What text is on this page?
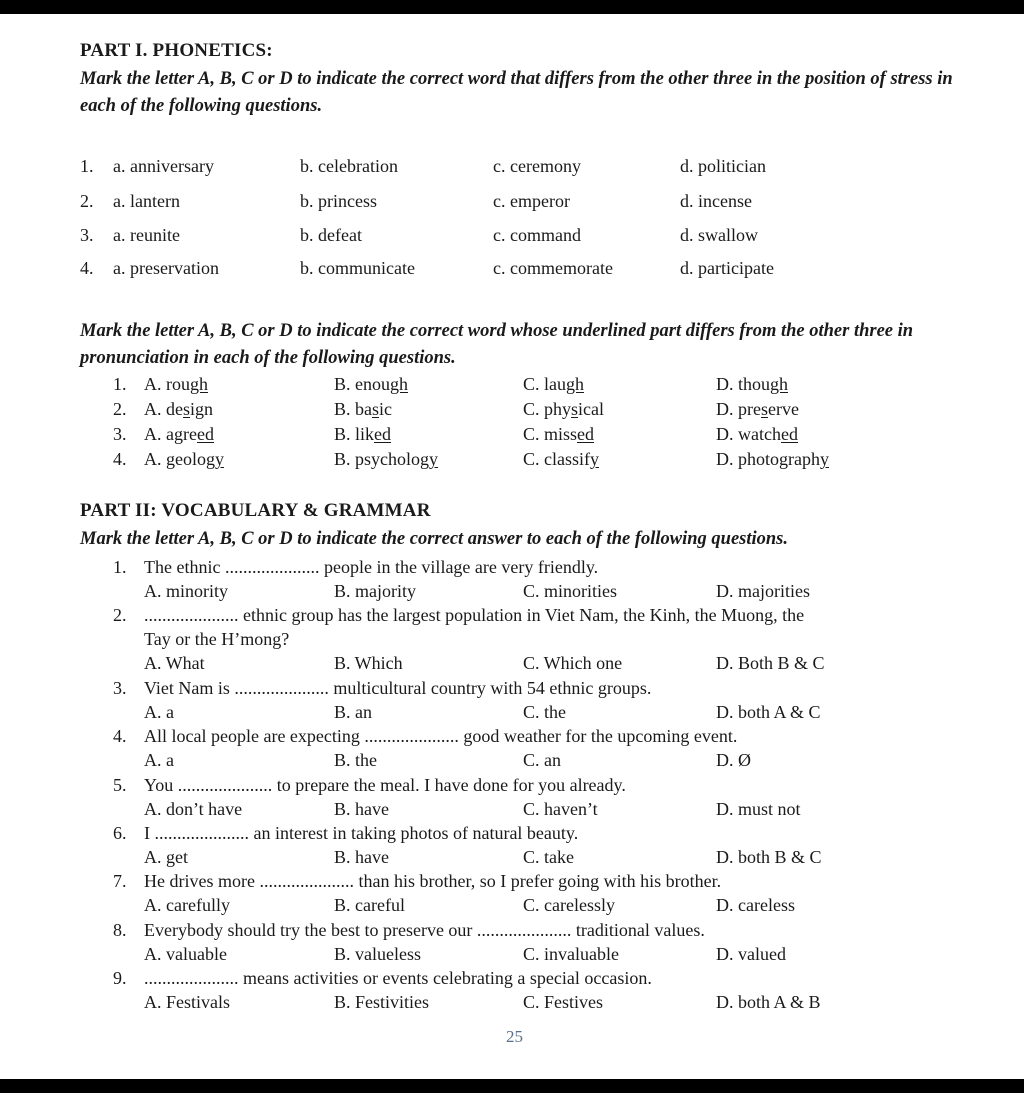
PART I. PHONETICS:
Mark the letter A, B, C or D to indicate the correct word that differs from the other three in the position of stress in each of the following questions.
1. a. anniversary	b. celebration	c. ceremony	d. politician
2. a. lantern	b. princess	c. emperor	d. incense
3. a. reunite	b. defeat	c. command	d. swallow
4. a. preservation	b. communicate	c. commemorate	d. participate
Mark the letter A, B, C or D to indicate the correct word whose underlined part differs from the other three in pronunciation in each of the following questions.
1. A. rough	B. enough	C. laugh	D. though
2. A. design	B. basic	C. physical	D. preserve
3. A. agreed	B. liked	C. missed	D. watched
4. A. geology	B. psychology	C. classify	D. photography
PART II: VOCABULARY & GRAMMAR
Mark the letter A, B, C or D to indicate the correct answer to each of the following questions.
1. The ethnic ..................... people in the village are very friendly.
A. minority	B. majority	C. minorities	D. majorities
2. ..................... ethnic group has the largest population in Viet Nam, the Kinh, the Muong, the
Tay or the H’mong?
A. What	B. Which	C. Which one	D. Both B & C
3. Viet Nam is ..................... multicultural country with 54 ethnic groups.
A. a	B. an	C. the	D. both A & C
4. All local people are expecting ..................... good weather for the upcoming event.
A. a	B. the	C. an	D. Ø
5. You ..................... to prepare the meal. I have done for you already.
A. don’t have	B. have	C. haven’t	D. must not
6. I ..................... an interest in taking photos of natural beauty.
A. get	B. have	C. take	D. both B & C
7. He drives more ..................... than his brother, so I prefer going with his brother.
A. carefully	B. careful	C. carelessly	D. careless
8. Everybody should try the best to preserve our ..................... traditional values.
A. valuable	B. valueless	C. invaluable	D. valued
9. ..................... means activities or events celebrating a special occasion.
A. Festivals	B. Festivities	C. Festives	D. both A & B
25
